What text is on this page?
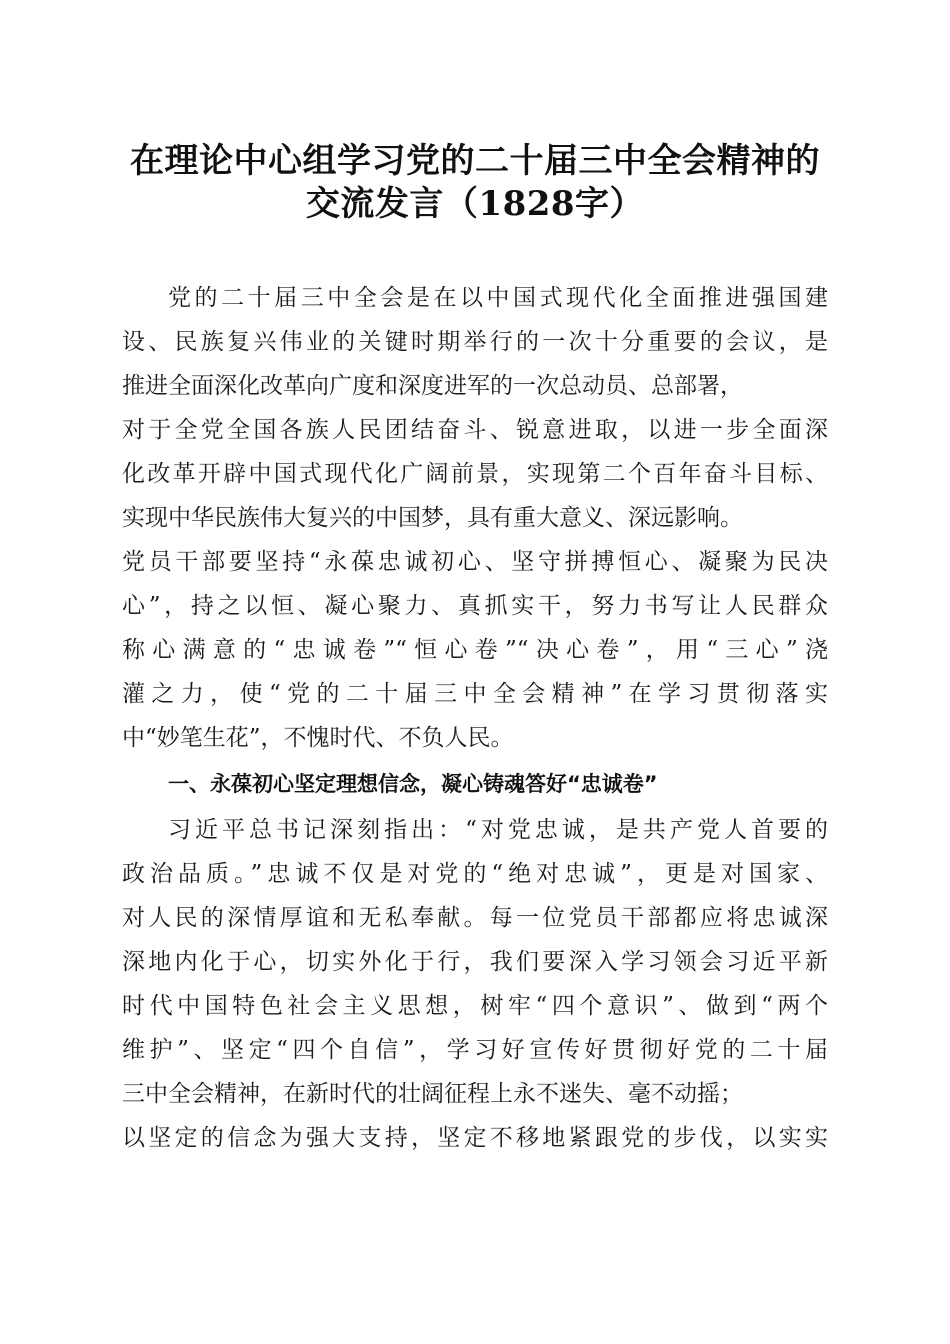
在理论中心组学习党的二十届三中全会精神的
交流发言（1828字）
党的二十届三中全会是在以中国式现代化全面推进强国建
设、民族复兴伟业的关键时期举行的一次十分重要的会议，是
推进全面深化改革向广度和深度进军的一次总动员、总部署，
对于全党全国各族人民团结奋斗、锐意进取，以进一步全面深
化改革开辟中国式现代化广阔前景，实现第二个百年奋斗目标、
实现中华民族伟大复兴的中国梦，具有重大意义、深远影响。
党员干部要坚持“永葆忠诚初心、坚守拼搏恒心、凝聚为民决
心”，持之以恒、凝心聚力、真抓实干，努力书写让人民群众
称心满意的“忠诚卷”“恒心卷”“决心卷”，用“三心”浇
灌之力，使“党的二十届三中全会精神”在学习贯彻落实
中“妙笔生花”，不愧时代、不负人民。
一、永葆初心坚定理想信念，凝心铸魂答好“忠诚卷”
习近平总书记深刻指出：“对党忠诚，是共产党人首要的
政治品质。”忠诚不仅是对党的“绝对忠诚”，更是对国家、
对人民的深情厚谊和无私奉献。每一位党员干部都应将忠诚深
深地内化于心，切实外化于行，我们要深入学习领会习近平新
时代中国特色社会主义思想，树牢“四个意识”、做到“两个
维护”、坚定“四个自信”，学习好宣传好贯彻好党的二十届
三中全会精神，在新时代的壮阔征程上永不迷失、毫不动摇；
以坚定的信念为强大支持，坚定不移地紧跟党的步伐，以实实
